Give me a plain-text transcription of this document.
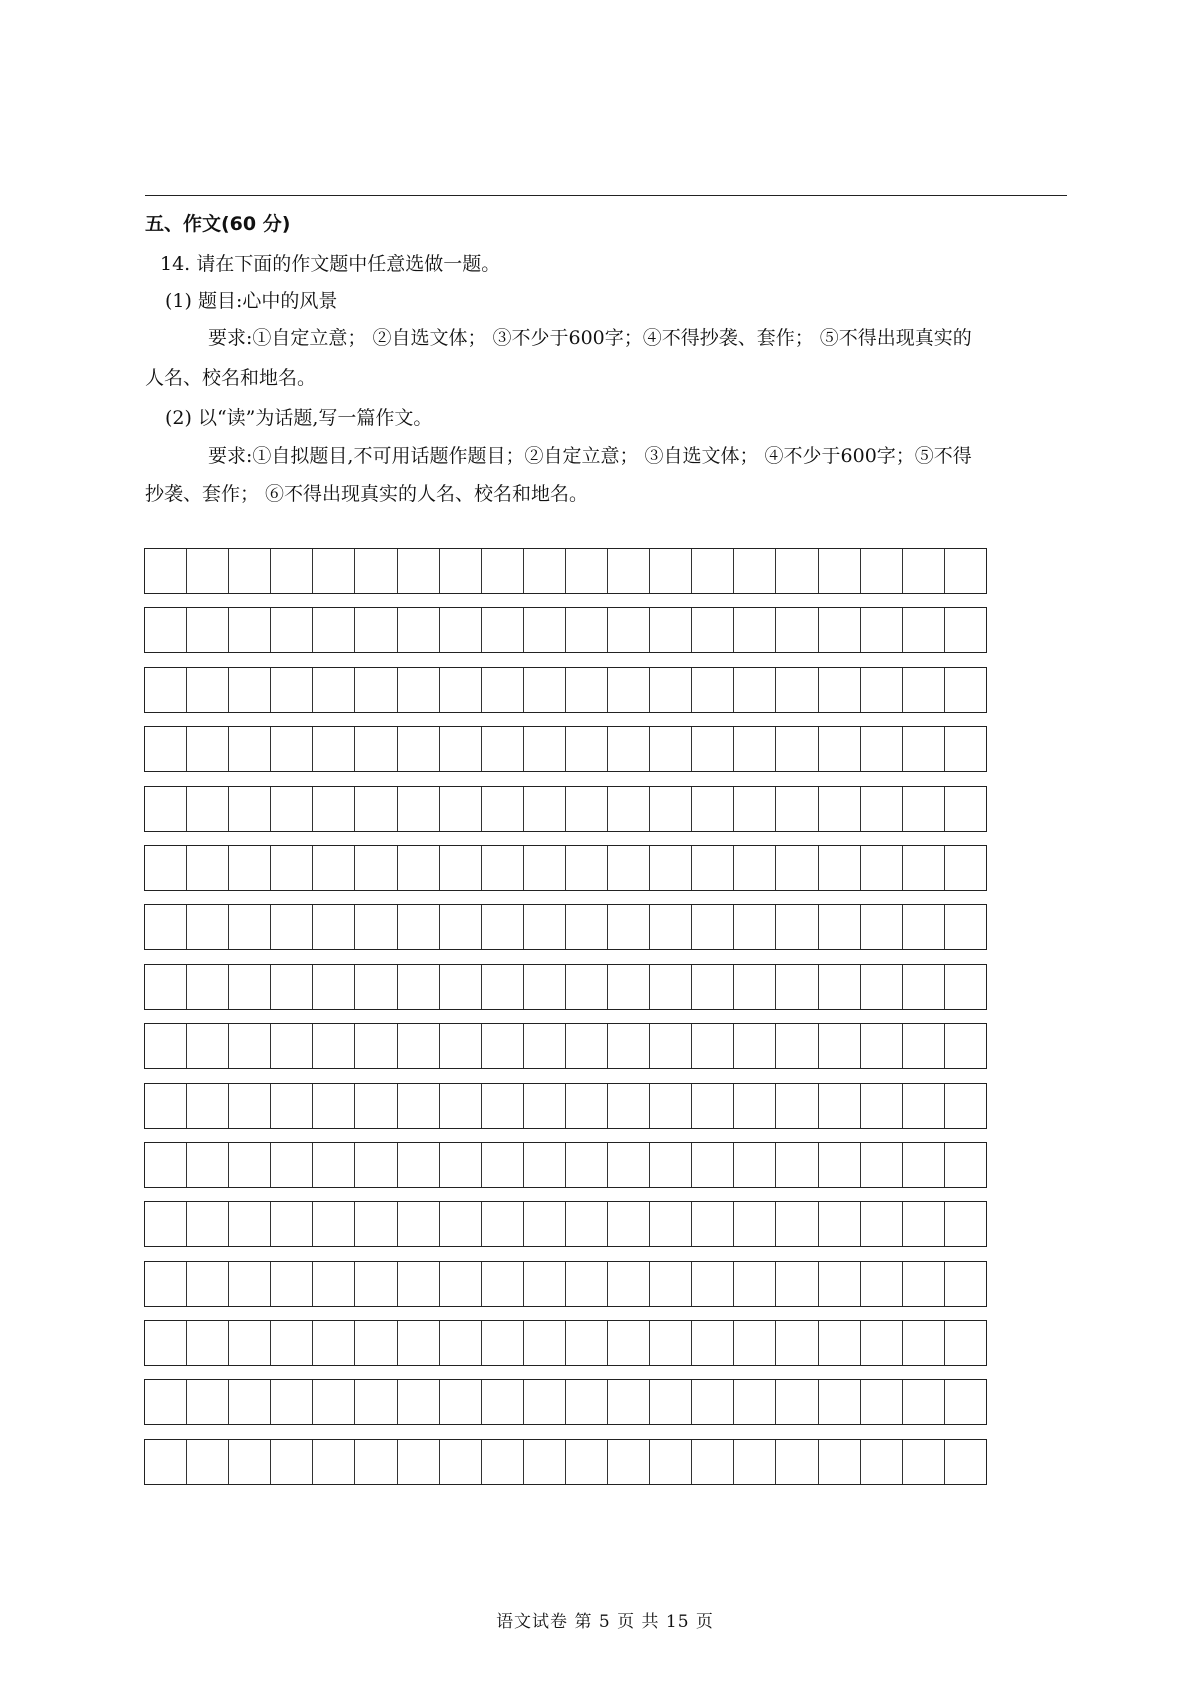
五、作文(60 分)
14. 请在下面的作文题中任意选做一题。
(1) 题目:心中的风景
要求:①自定立意； ②自选文体； ③不少于600字；④不得抄袭、套作； ⑤不得出现真实的
人名、校名和地名。
(2) 以“读”为话题,写一篇作文。
要求:①自拟题目,不可用话题作题目；②自定立意； ③自选文体； ④不少于600字；⑤不得
抄袭、套作； ⑥不得出现真实的人名、校名和地名。
语文试卷 第 5 页 共 15 页
